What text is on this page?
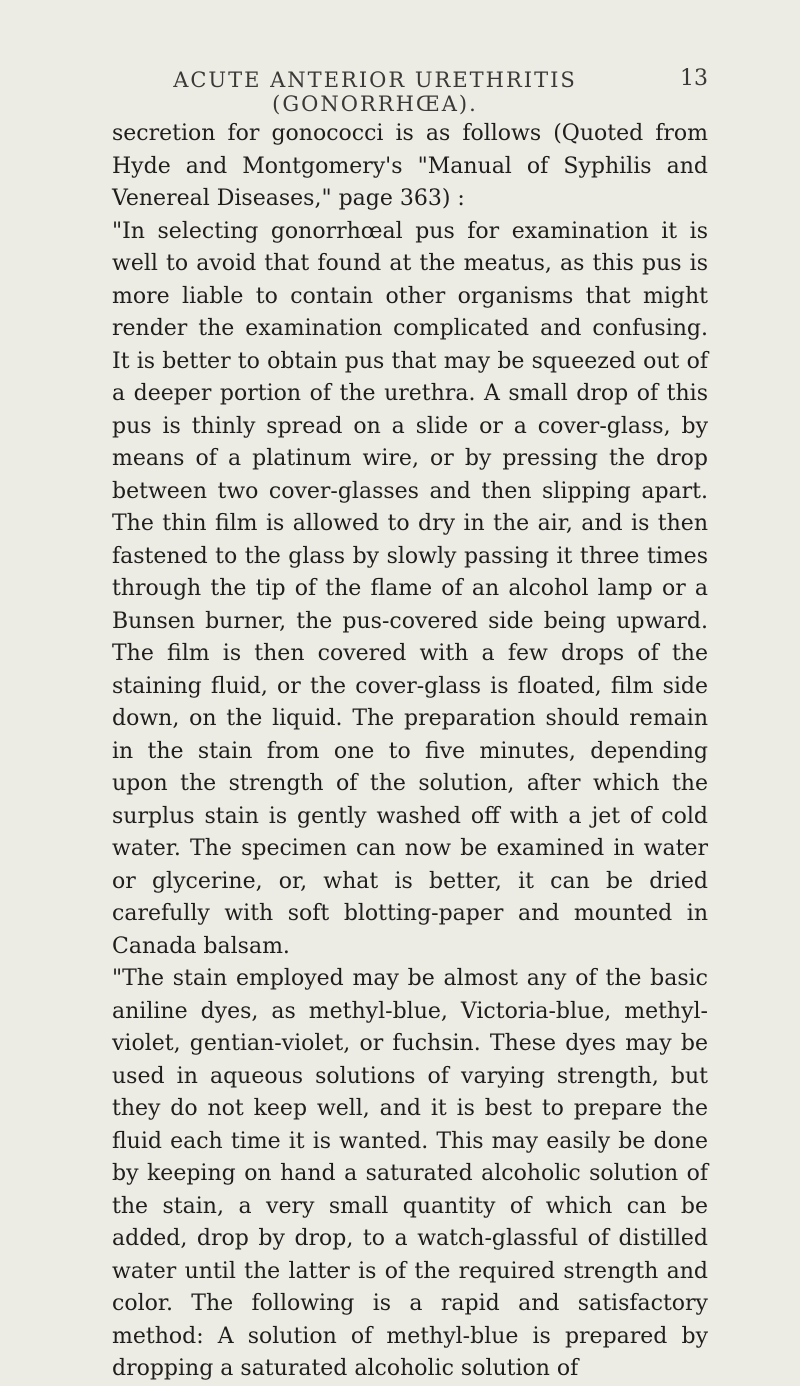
ACUTE ANTERIOR URETHRITIS (GONORRHŒA).
13

secretion for gonococci is as follows (Quoted from Hyde and Montgomery's "Manual of Syphilis and Venereal Diseases," page 363) :

"In selecting gonorrhœal pus for examination it is well to avoid that found at the meatus, as this pus is more liable to contain other organisms that might render the examination complicated and confusing. It is better to obtain pus that may be squeezed out of a deeper portion of the urethra. A small drop of this pus is thinly spread on a slide or a cover-glass, by means of a platinum wire, or by pressing the drop between two cover-glasses and then slipping apart. The thin film is allowed to dry in the air, and is then fastened to the glass by slowly passing it three times through the tip of the flame of an alcohol lamp or a Bunsen burner, the pus-covered side being upward. The film is then covered with a few drops of the staining fluid, or the cover-glass is floated, film side down, on the liquid. The preparation should remain in the stain from one to five minutes, depending upon the strength of the solution, after which the surplus stain is gently washed off with a jet of cold water. The specimen can now be examined in water or glycerine, or, what is better, it can be dried carefully with soft blotting-paper and mounted in Canada balsam.

"The stain employed may be almost any of the basic aniline dyes, as methyl-blue, Victoria-blue, methyl-violet, gentian-violet, or fuchsin. These dyes may be used in aqueous solutions of varying strength, but they do not keep well, and it is best to prepare the fluid each time it is wanted. This may easily be done by keeping on hand a saturated alcoholic solution of the stain, a very small quantity of which can be added, drop by drop, to a watch-glassful of distilled water until the latter is of the required strength and color. The following is a rapid and satisfactory method: A solution of methyl-blue is prepared by dropping a saturated alcoholic solution of
